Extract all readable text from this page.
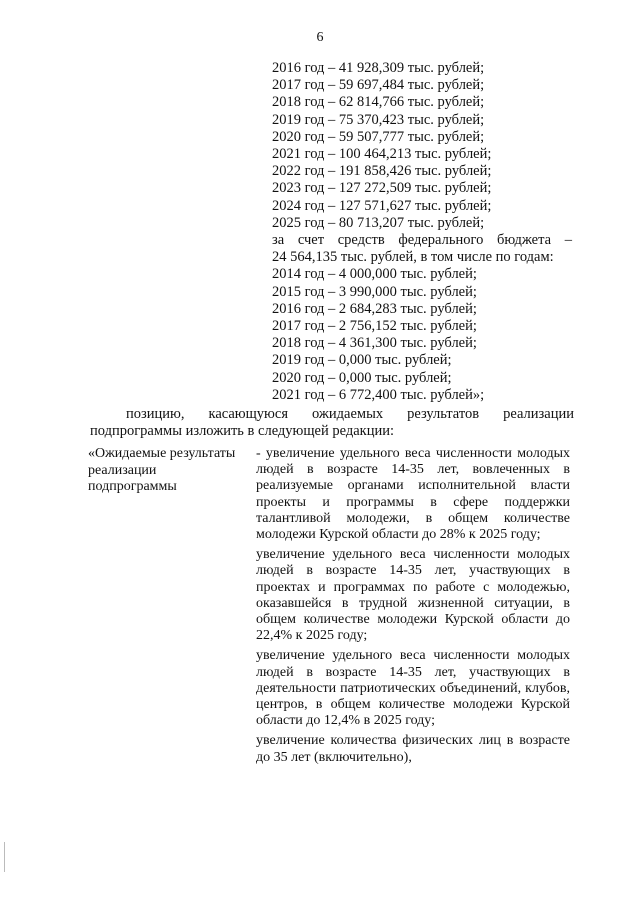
6
2016 год – 41 928,309 тыс. рублей;
2017 год – 59 697,484 тыс. рублей;
2018 год – 62 814,766 тыс. рублей;
2019 год – 75 370,423 тыс. рублей;
2020 год – 59 507,777 тыс. рублей;
2021 год – 100 464,213 тыс. рублей;
2022 год – 191 858,426 тыс. рублей;
2023 год – 127 272,509 тыс. рублей;
2024 год – 127 571,627 тыс. рублей;
2025 год – 80 713,207 тыс. рублей;
за счет средств федерального бюджета –
24 564,135 тыс. рублей, в том числе по годам:
2014 год – 4 000,000 тыс. рублей;
2015 год – 3 990,000 тыс. рублей;
2016 год – 2 684,283 тыс. рублей;
2017 год – 2 756,152 тыс. рублей;
2018 год – 4 361,300 тыс. рублей;
2019 год – 0,000 тыс. рублей;
2020 год – 0,000 тыс. рублей;
2021 год – 6 772,400 тыс. рублей»;
позицию, касающуюся ожидаемых результатов реализации
подпрограммы изложить в следующей редакции:
«Ожидаемые результаты реализации подпрограммы
- увеличение удельного веса численности молодых людей в возрасте 14-35 лет, вовлеченных в реализуемые органами исполнительной власти проекты и программы в сфере поддержки талантливой молодежи, в общем количестве молодежи Курской области до 28% к 2025 году;
увеличение удельного веса численности молодых людей в возрасте 14-35 лет, участвующих в проектах и программах по работе с молодежью, оказавшейся в трудной жизненной ситуации, в общем количестве молодежи Курской области до 22,4% к 2025 году;
увеличение удельного веса численности молодых людей в возрасте 14-35 лет, участвующих в деятельности патриотических объединений, клубов, центров, в общем количестве молодежи Курской области до 12,4% в 2025 году;
увеличение количества физических лиц в возрасте до 35 лет (включительно),
